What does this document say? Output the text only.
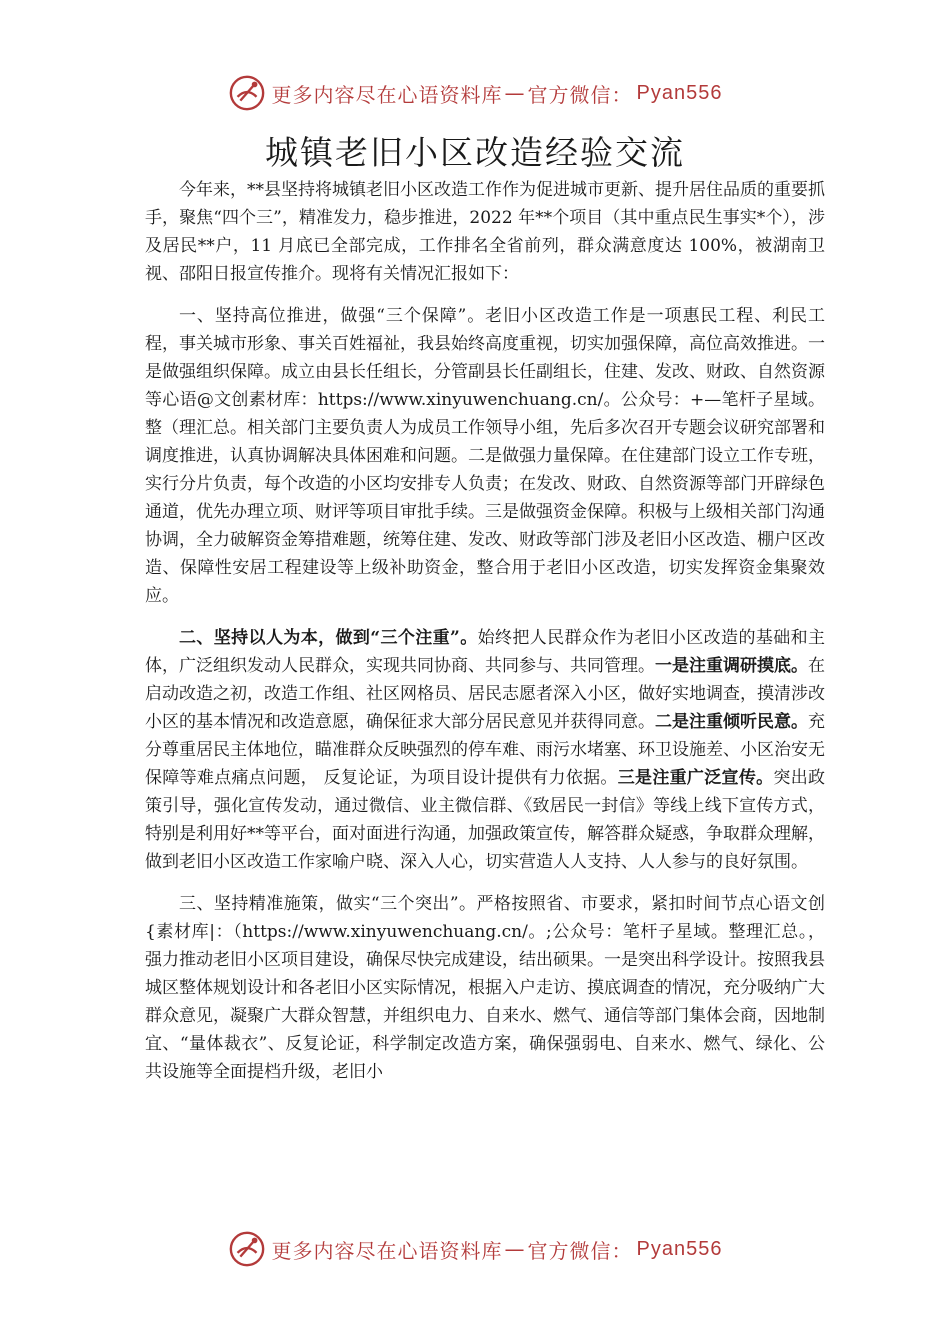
更多内容尽在心语资料库 — 官方微信： Pyan556
城镇老旧小区改造经验交流

今年来，**县坚持将城镇老旧小区改造工作作为促进城市更新、提升居住品质的重要抓手，聚焦“四个三”，精准发力，稳步推进，2022 年**个项目（其中重点民生事实*个），涉及居民**户，11 月底已全部完成，工作排名全省前列，群众满意度达 100%，被湖南卫视、邵阳日报宣传推介。现将有关情况汇报如下：

一、坚持高位推进，做强“三个保障”。老旧小区改造工作是一项惠民工程、利民工程，事关城市形象、事关百姓福祉，我县始终高度重视，切实加强保障，高位高效推进。一是做强组织保障。成立由县长任组长，分管副县长任副组长，住建、发改、财政、自然资源等心语@文创素材库：https://www.xinyuwenchuang.cn/。公众号：+—笔杆子星域。整（理汇总。相关部门主要负责人为成员工作领导小组，先后多次召开专题会议研究部署和调度推进，认真协调解决具体困难和问题。二是做强力量保障。在住建部门设立工作专班，实行分片负责，每个改造的小区均安排专人负责；在发改、财政、自然资源等部门开辟绿色通道，优先办理立项、财评等项目审批手续。三是做强资金保障。积极与上级相关部门沟通协调，全力破解资金筹措难题，统筹住建、发改、财政等部门涉及老旧小区改造、棚户区改造、保障性安居工程建设等上级补助资金，整合用于老旧小区改造，切实发挥资金集聚效应。

二、坚持以人为本，做到“三个注重”。始终把人民群众作为老旧小区改造的基础和主体，广泛组织发动人民群众，实现共同协商、共同参与、共同管理。一是注重调研摸底。在启动改造之初，改造工作组、社区网格员、居民志愿者深入小区，做好实地调查，摸清涉改小区的基本情况和改造意愿，确保征求大部分居民意见并获得同意。二是注重倾听民意。充分尊重居民主体地位，瞄准群众反映强烈的停车难、雨污水堵塞、环卫设施差、小区治安无保障等难点痛点问题， 反复论证，为项目设计提供有力依据。三是注重广泛宣传。突出政策引导，强化宣传发动，通过微信、业主微信群、《致居民一封信》等线上线下宣传方式，特别是利用好**等平台，面对面进行沟通，加强政策宣传，解答群众疑惑，争取群众理解，做到老旧小区改造工作家喻户晓、深入人心，切实营造人人支持、人人参与的良好氛围。

三、坚持精准施策，做实“三个突出”。严格按照省、市要求，紧扣时间节点心语文创{素材库|：（https://www.xinyuwenchuang.cn/。;公众号：笔杆子星域。整理汇总。，强力推动老旧小区项目建设，确保尽快完成建设，结出硕果。一是突出科学设计。按照我县城区整体规划设计和各老旧小区实际情况，根据入户走访、摸底调查的情况，充分吸纳广大群众意见，凝聚广大群众智慧，并组织电力、自来水、燃气、通信等部门集体会商，因地制宜、“量体裁衣”、反复论证，科学制定改造方案，确保强弱电、自来水、燃气、绿化、公共设施等全面提档升级，老旧小

更多内容尽在心语资料库 — 官方微信： Pyan556
